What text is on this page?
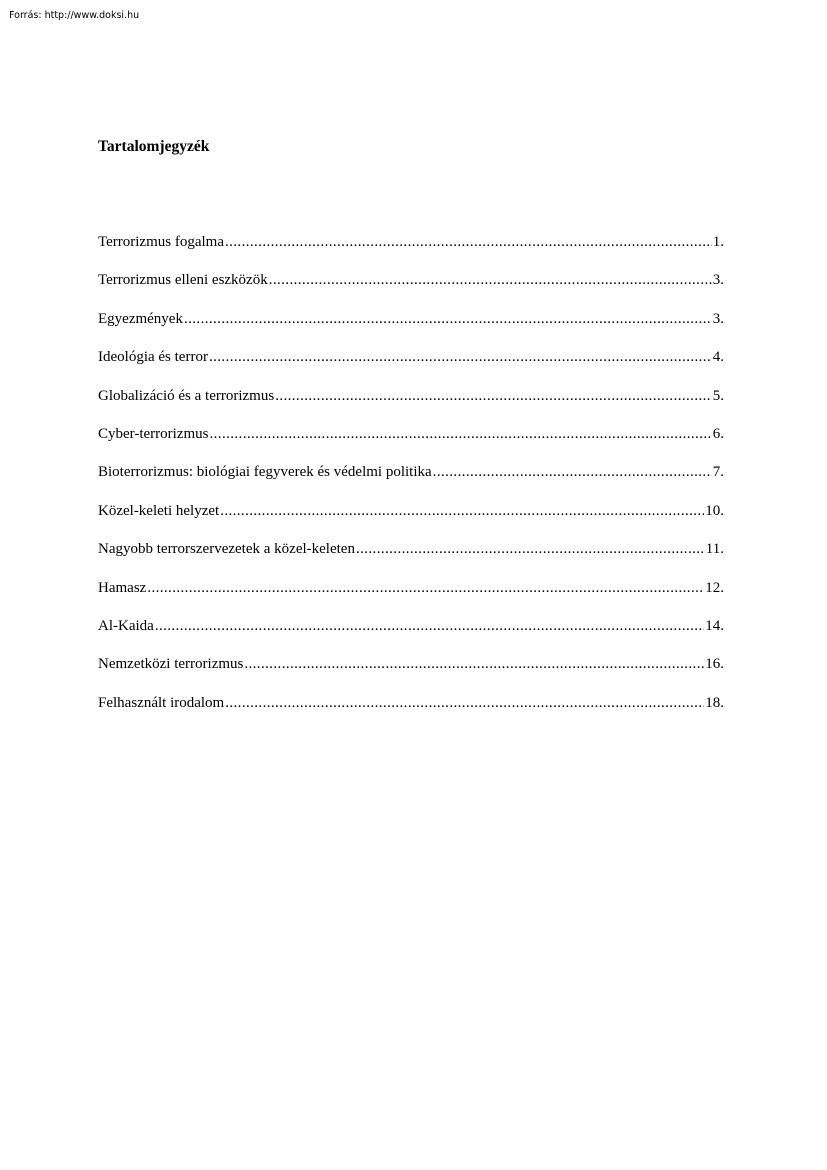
Forrás: http://www.doksi.hu
Tartalomjegyzék
Terrorizmus fogalma .....	1.
Terrorizmus elleni eszközök .....	3.
Egyezmények .....	3.
Ideológia és terror .....	4.
Globalizáció és a terrorizmus .....	5.
Cyber-terrorizmus .....	6.
Bioterrorizmus: biológiai fegyverek és védelmi politika .....	7.
Közel-keleti helyzet .....	10.
Nagyobb terrorszervezetek a közel-keleten .....	11.
Hamasz .....	12.
Al-Kaida .....	14.
Nemzetközi terrorizmus .....	16.
Felhasznált irodalom .....	18.
